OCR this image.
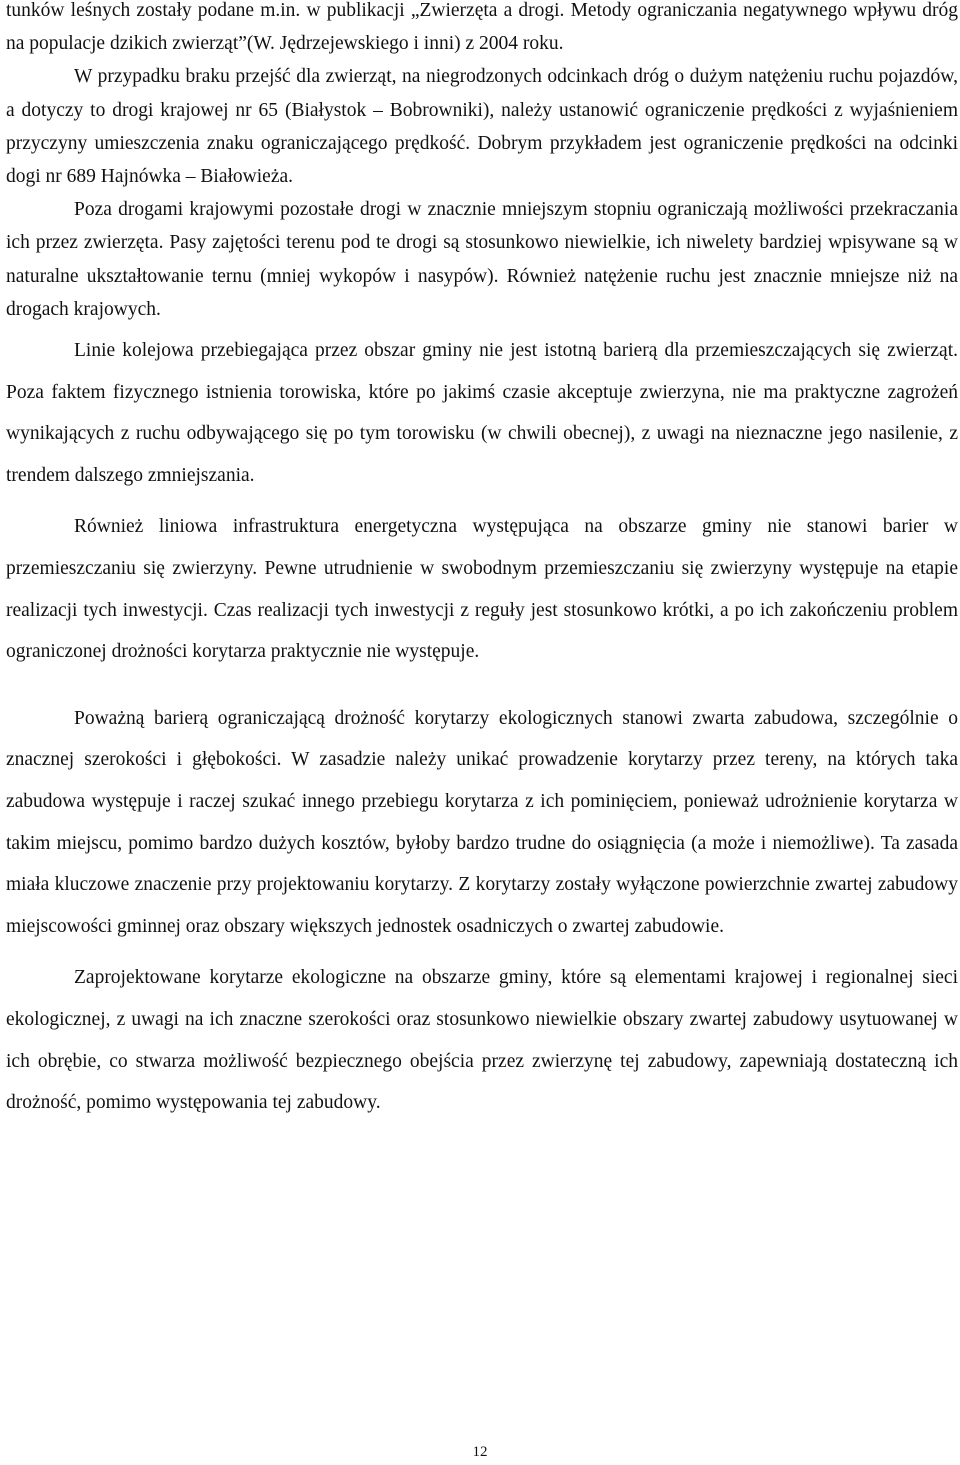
tunków leśnych zostały podane m.in. w publikacji „Zwierzęta a drogi. Metody ograniczania negatywnego wpływu dróg na populacje dzikich zwierząt”(W. Jędrzejewskiego i inni) z 2004 roku.

W przypadku braku przejść dla zwierząt, na niegrodzonych odcinkach dróg o dużym natężeniu ruchu pojazdów, a dotyczy to drogi krajowej nr 65 (Białystok – Bobrowniki), należy ustanowić ograniczenie prędkości z wyjaśnieniem przyczyny umieszczenia znaku ograniczającego prędkość. Dobrym przykładem jest ograniczenie prędkości na odcinki dogi nr 689 Hajnówka – Białowieża.

Poza drogami krajowymi pozostałe drogi w znacznie mniejszym stopniu ograniczają możliwości przekraczania ich przez zwierzęta. Pasy zajętości terenu pod te drogi są stosunkowo niewielkie, ich niwelety bardziej wpisywane są w naturalne ukształtowanie ternu (mniej wykopów i nasypów). Również natężenie ruchu jest znacznie mniejsze niż na drogach krajowych.

Linie kolejowa przebiegająca przez obszar gminy nie jest istotną barierą dla przemieszczających się zwierząt. Poza faktem fizycznego istnienia torowiska, które po jakimś czasie akceptuje zwierzyna, nie ma praktyczne zagrożeń wynikających z ruchu odbywającego się po tym torowisku (w chwili obecnej), z uwagi na nieznaczne jego nasilenie, z trendem dalszego zmniejszania.

Również liniowa infrastruktura energetyczna występująca na obszarze gminy nie stanowi barier w przemieszczaniu się zwierzyny. Pewne utrudnienie w swobodnym przemieszczaniu się zwierzyny występuje na etapie realizacji tych inwestycji. Czas realizacji tych inwestycji z reguły jest stosunkowo krótki, a po ich zakończeniu problem ograniczonej drożności korytarza praktycznie nie występuje.

Poważną barierą ograniczającą drożność korytarzy ekologicznych stanowi zwarta zabudowa, szczególnie o znacznej szerokości i głębokości. W zasadzie należy unikać prowadzenie korytarzy przez tereny, na których taka zabudowa występuje i raczej szukać innego przebiegu korytarza z ich pominięciem, ponieważ udrożnienie korytarza w takim miejscu, pomimo bardzo dużych kosztów, byłoby bardzo trudne do osiągnięcia (a może i niemożliwe). Ta zasada miała kluczowe znaczenie przy projektowaniu korytarzy. Z korytarzy zostały wyłączone powierzchnie zwartej zabudowy miejscowości gminnej oraz obszary większych jednostek osadniczych o zwartej zabudowie.

Zaprojektowane korytarze ekologiczne na obszarze gminy, które są elementami krajowej i regionalnej sieci ekologicznej, z uwagi na ich znaczne szerokości oraz stosunkowo niewielkie obszary zwartej zabudowy usytuowanej w ich obrębie, co stwarza możliwość bezpiecznego obejścia przez zwierzynę tej zabudowy, zapewniają dostateczną ich drożność, pomimo występowania tej zabudowy.

12
